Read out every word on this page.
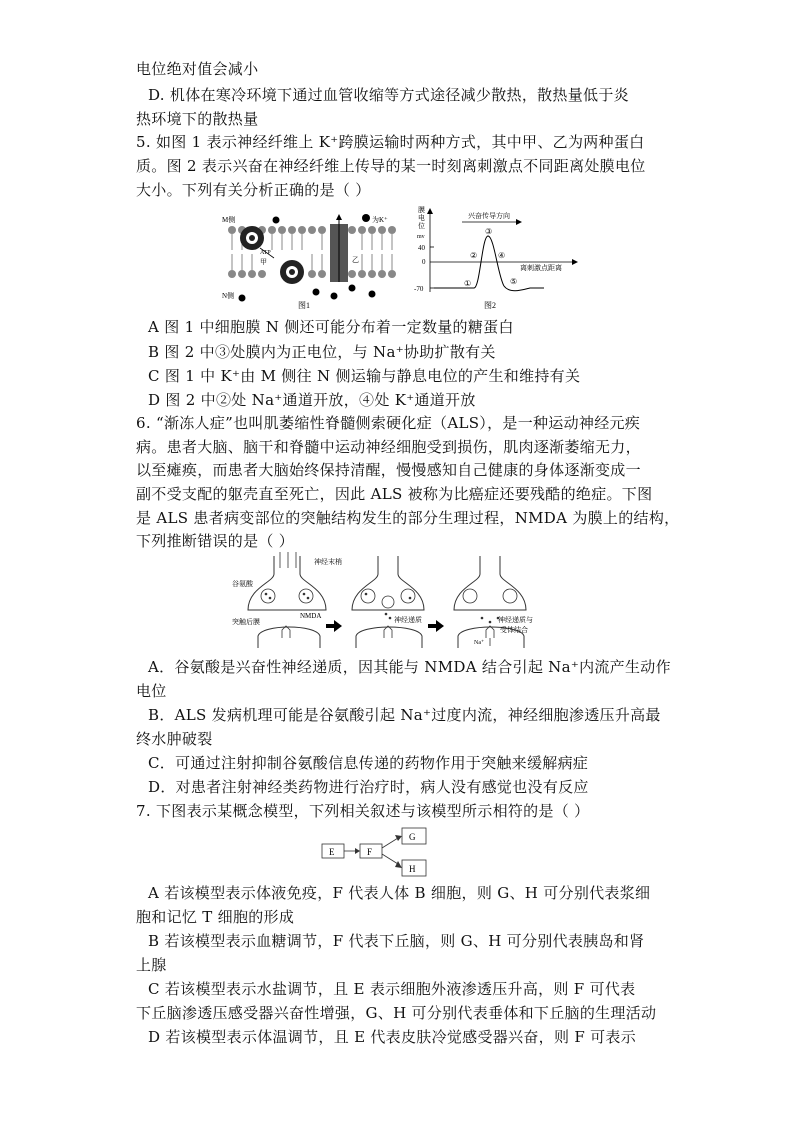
电位绝对值会减小
D. 机体在寒冷环境下通过血管收缩等方式途径减少散热，散热量低于炎
热环境下的散热量
5. 如图 1 表示神经纤维上 K⁺跨膜运输时两种方式，其中甲、乙为两种蛋白
质。图 2 表示兴奋在神经纤维上传导的某一时刻离刺激点不同距离处膜电位
大小。下列有关分析正确的是（ ）
M侧	为K⁺
ATP
甲	乙
N侧
图1
膜
电
位
mv
40
0
-70
兴奋传导方向
离刺激点距离
①
②
③
④
⑤
图2
A 图 1 中细胞膜 N 侧还可能分布着一定数量的糖蛋白
B 图 2 中③处膜内为正电位，与 Na⁺协助扩散有关
C 图 1 中 K⁺由 M 侧往 N 侧运输与静息电位的产生和维持有关
D 图 2 中②处 Na⁺通道开放，④处 K⁺通道开放
6. “渐冻人症”也叫肌萎缩性脊髓侧索硬化症（ALS），是一种运动神经元疾
病。患者大脑、脑干和脊髓中运动神经细胞受到损伤，肌肉逐渐萎缩无力，
以至瘫痪，而患者大脑始终保持清醒，慢慢感知自己健康的身体逐渐变成一
副不受支配的躯壳直至死亡，因此 ALS 被称为比癌症还要残酷的绝症。下图
是 ALS 患者病变部位的突触结构发生的部分生理过程，NMDA 为膜上的结构，
下列推断错误的是（ ）
神经末梢
谷氨酸
突触后膜
NMDA	神经递质	神经递质与
受体结合
Na⁺
A．谷氨酸是兴奋性神经递质，因其能与 NMDA 结合引起 Na⁺内流产生动作
电位
B．ALS 发病机理可能是谷氨酸引起 Na⁺过度内流，神经细胞渗透压升高最
终水肿破裂
C．可通过注射抑制谷氨酸信息传递的药物作用于突触来缓解病症
D．对患者注射神经类药物进行治疗时，病人没有感觉也没有反应
7. 下图表示某概念模型，下列相关叙述与该模型所示相符的是（ ）
E	F
G
H
A 若该模型表示体液免疫，F 代表人体 B 细胞，则 G、H 可分别代表浆细
胞和记忆 T 细胞的形成
B 若该模型表示血糖调节，F 代表下丘脑，则 G、H 可分别代表胰岛和肾
上腺
C 若该模型表示水盐调节，且 E 表示细胞外液渗透压升高，则 F 可代表
下丘脑渗透压感受器兴奋性增强，G、H 可分别代表垂体和下丘脑的生理活动
D 若该模型表示体温调节，且 E 代表皮肤冷觉感受器兴奋，则 F 可表示
